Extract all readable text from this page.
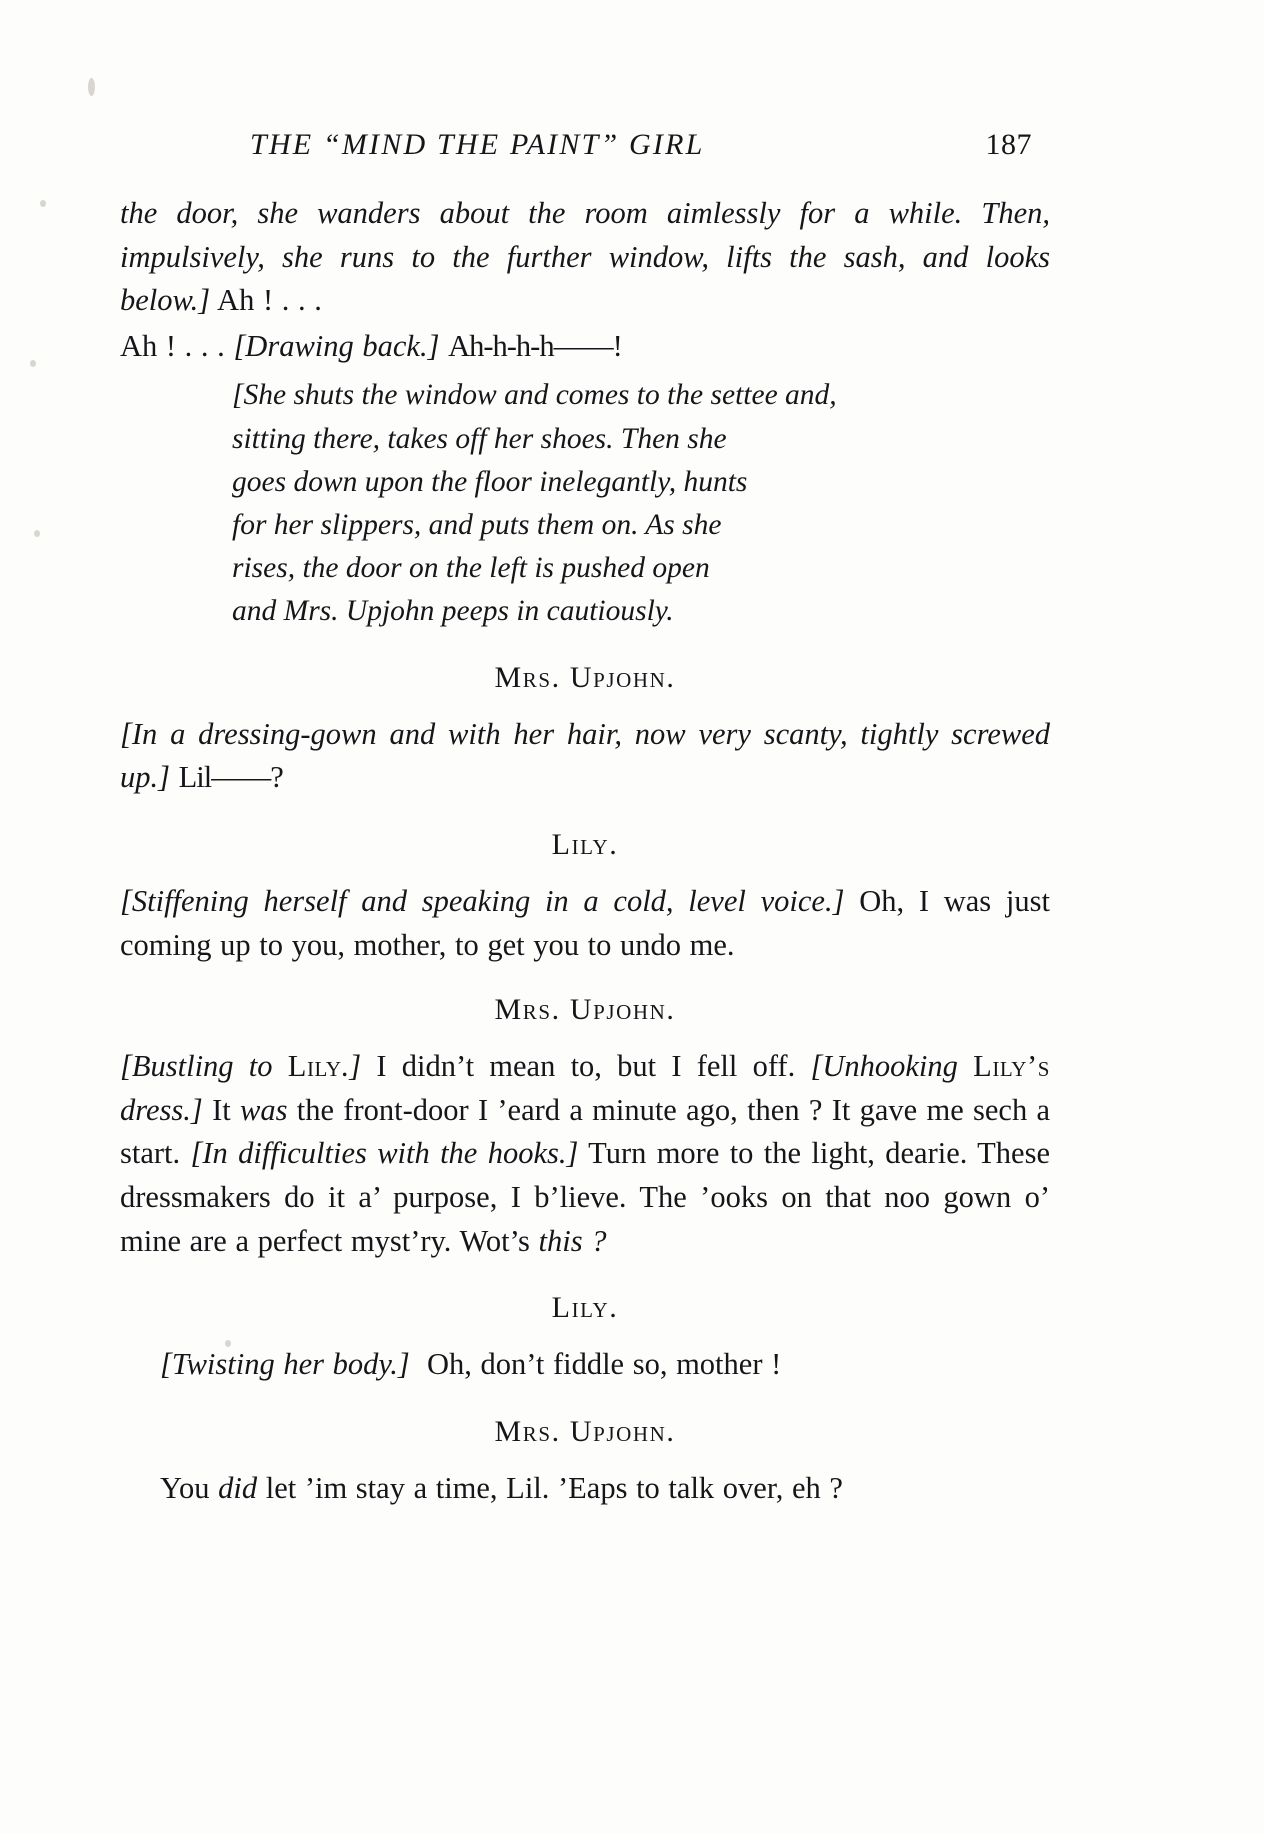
THE “MIND THE PAINT” GIRL	187

the door, she wanders about the room aimlessly for a while. Then, impulsively, she runs to the further window, lifts the sash, and looks below.] Ah ! . . .

Ah ! . . . [Drawing back.] Ah-h-h-h——!

[She shuts the window and comes to the settee and,
sitting there, takes off her shoes. Then she
goes down upon the floor inelegantly, hunts
for her slippers, and puts them on. As she
rises, the door on the left is pushed open
and Mrs. Upjohn peeps in cautiously.
Mrs. Upjohn.

[In a dressing-gown and with her hair, now very scanty, tightly screwed up.] Lil——?

Lily.

[Stiffening herself and speaking in a cold, level voice.] Oh, I was just coming up to you, mother, to get you to undo me.

Mrs. Upjohn.

[Bustling to Lily.] I didn’t mean to, but I fell off. [Unhooking Lily’s dress.] It was the front-door I ’eard a minute ago, then ? It gave me sech a start. [In difficulties with the hooks.] Turn more to the light, dearie. These dressmakers do it a’ purpose, I b’lieve. The ’ooks on that noo gown o’ mine are a perfect myst’ry. Wot’s this ?

Lily.

[Twisting her body.] Oh, don’t fiddle so, mother !

Mrs. Upjohn.

You did let ’im stay a time, Lil. ’Eaps to talk over, eh ?
